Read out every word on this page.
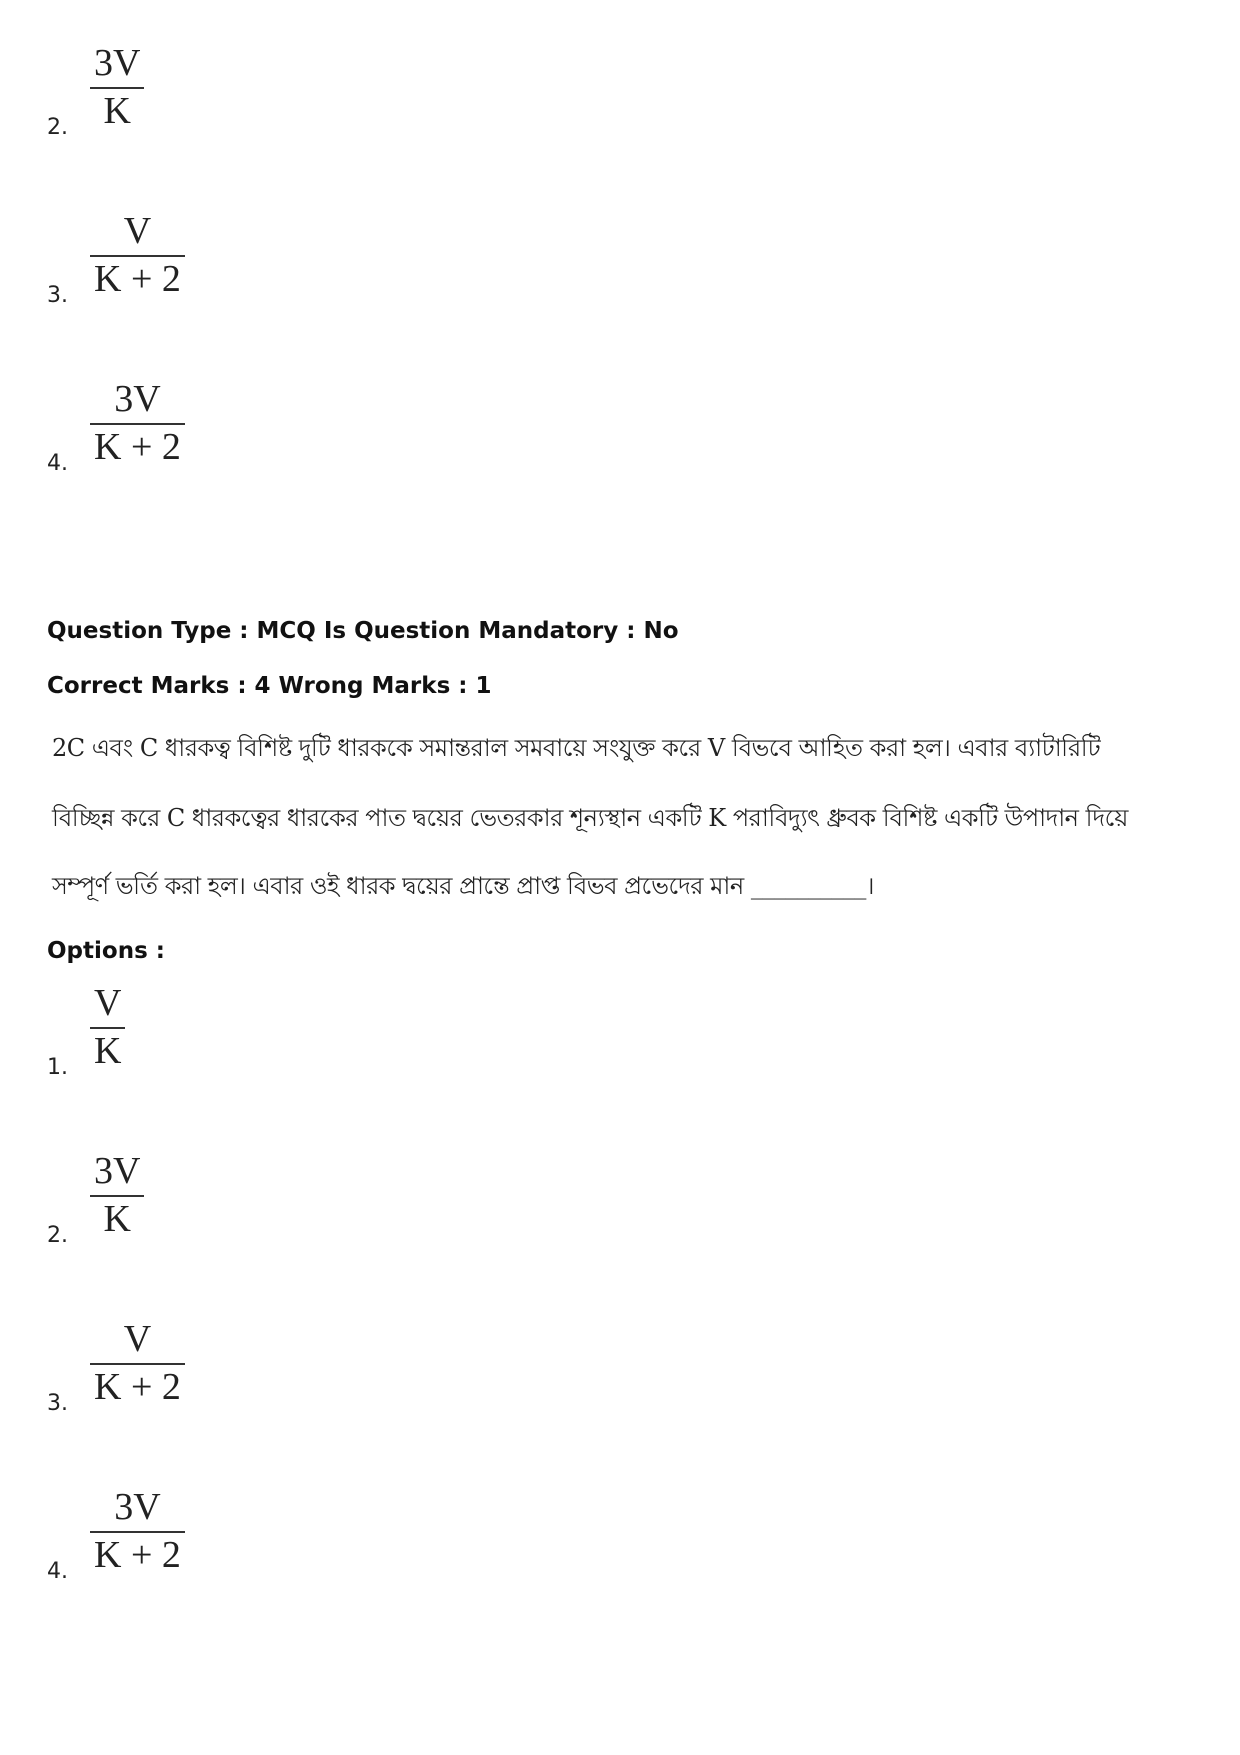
2.
3V
K
3.
V
K + 2
4.
3V
K + 2
Question Type : MCQ Is Question Mandatory : No
Correct Marks : 4 Wrong Marks : 1
2C এবং C ধারকত্ব বিশিষ্ট দুটি ধারককে সমান্তরাল সমবায়ে সংযুক্ত করে V বিভবে আহিত করা হল। এবার ব্যাটারিটি
বিচ্ছিন্ন করে C ধারকত্বের ধারকের পাত দ্বয়ের ভেতরকার শূন্যস্থান একটি K পরাবিদ্যুৎ ধ্রুবক বিশিষ্ট একটি উপাদান দিয়ে
সম্পূর্ণ ভর্তি করা হল। এবার ওই ধারক দ্বয়ের প্রান্তে প্রাপ্ত বিভব প্রভেদের মান __________।
Options :
1.
V
K
2.
3V
K
3.
V
K + 2
4.
3V
K + 2
